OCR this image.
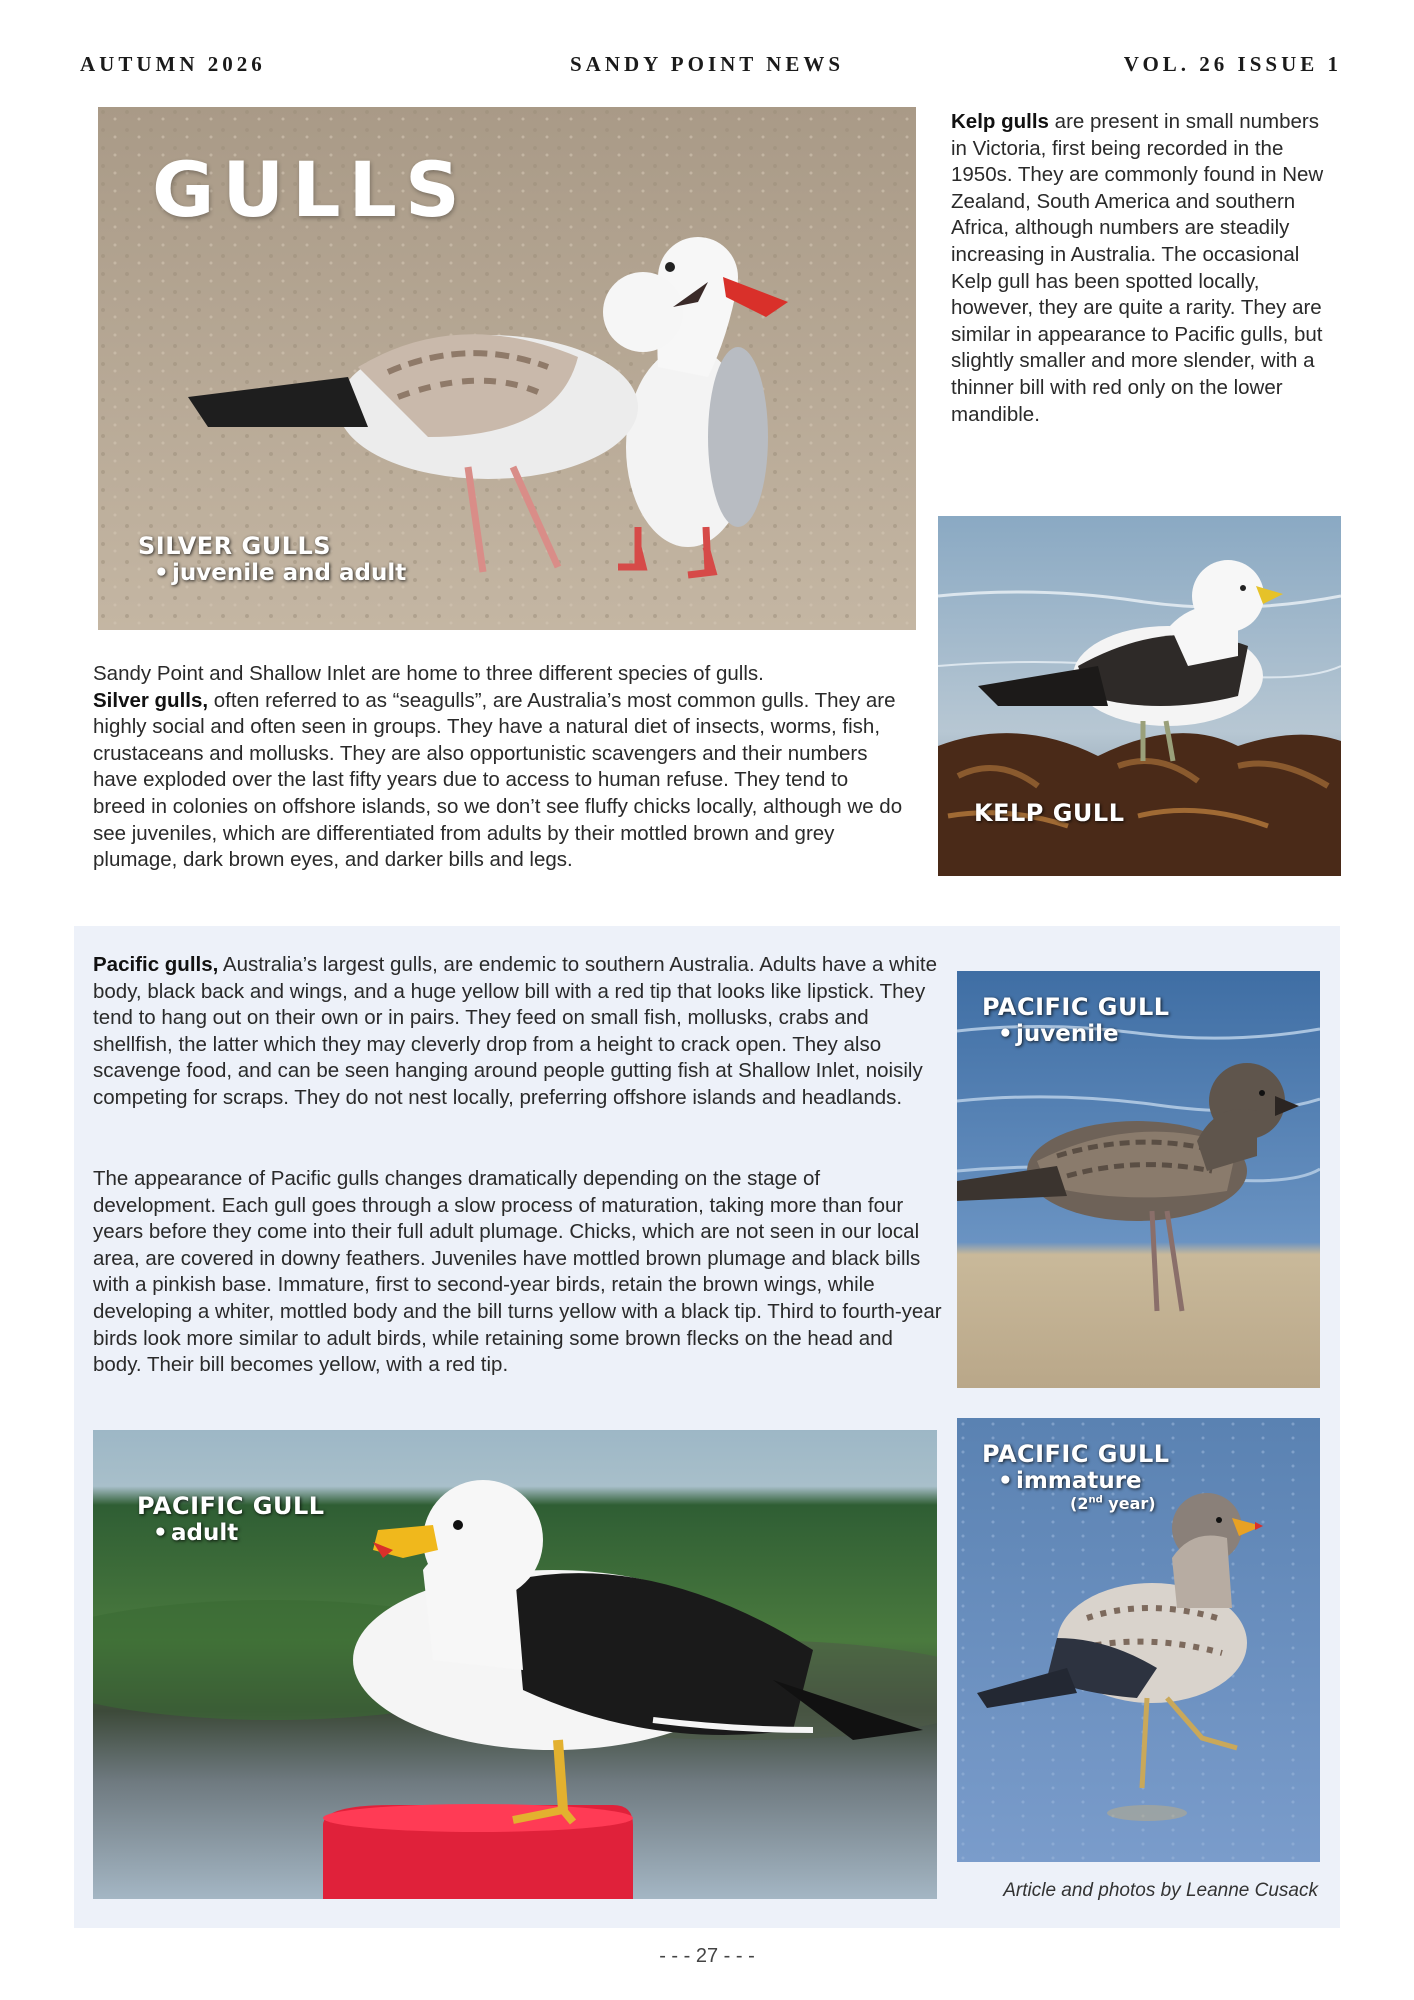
AUTUMN 2026	SANDY POINT NEWS	VOL. 26 ISSUE 1
SILVER GULLS
• juvenile and adult
GULLS
Kelp gulls are present in small numbers in Victoria, first being recorded in the 1950s. They are commonly found in New Zealand, South America and southern Africa, although numbers are steadily increasing in Australia. The occasional Kelp gull has been spotted locally, however, they are quite a rarity. They are similar in appearance to Pacific gulls, but slightly smaller and more slender, with a thinner bill with red only on the lower mandible.
KELP GULL
Sandy Point and Shallow Inlet are home to three different species of gulls.
Silver gulls, often referred to as “seagulls”, are Australia’s most common gulls. They are highly social and often seen in groups. They have a natural diet of insects, worms, fish, crustaceans and mollusks. They are also opportunistic scavengers and their numbers have exploded over the last fifty years due to access to human refuse. They tend to breed in colonies on offshore islands, so we don’t see fluffy chicks locally, although we do see juveniles, which are differentiated from adults by their mottled brown and grey plumage, dark brown eyes, and darker bills and legs.
Pacific gulls, Australia’s largest gulls, are endemic to southern Australia. Adults have a white body, black back and wings, and a huge yellow bill with a red tip that looks like lipstick. They tend to hang out on their own or in pairs. They feed on small fish, mollusks, crabs and shellfish, the latter which they may cleverly drop from a height to crack open. They also scavenge food, and can be seen hanging around people gutting fish at Shallow Inlet, noisily competing for scraps. They do not nest locally, preferring offshore islands and headlands.
The appearance of Pacific gulls changes dramatically depending on the stage of development. Each gull goes through a slow process of maturation, taking more than four years before they come into their full adult plumage. Chicks, which are not seen in our local area, are covered in downy feathers. Juveniles have mottled brown plumage and black bills with a pinkish base. Immature, first to second-year birds, retain the brown wings, while developing a whiter, mottled body and the bill turns yellow with a black tip. Third to fourth-year birds look more similar to adult birds, while retaining some brown flecks on the head and body. Their bill becomes yellow, with a red tip.
PACIFIC GULL
• juvenile
PACIFIC GULL
• adult
PACIFIC GULL
• immature
(2nd year)
Article and photos by Leanne Cusack
- - - 27 - - -
